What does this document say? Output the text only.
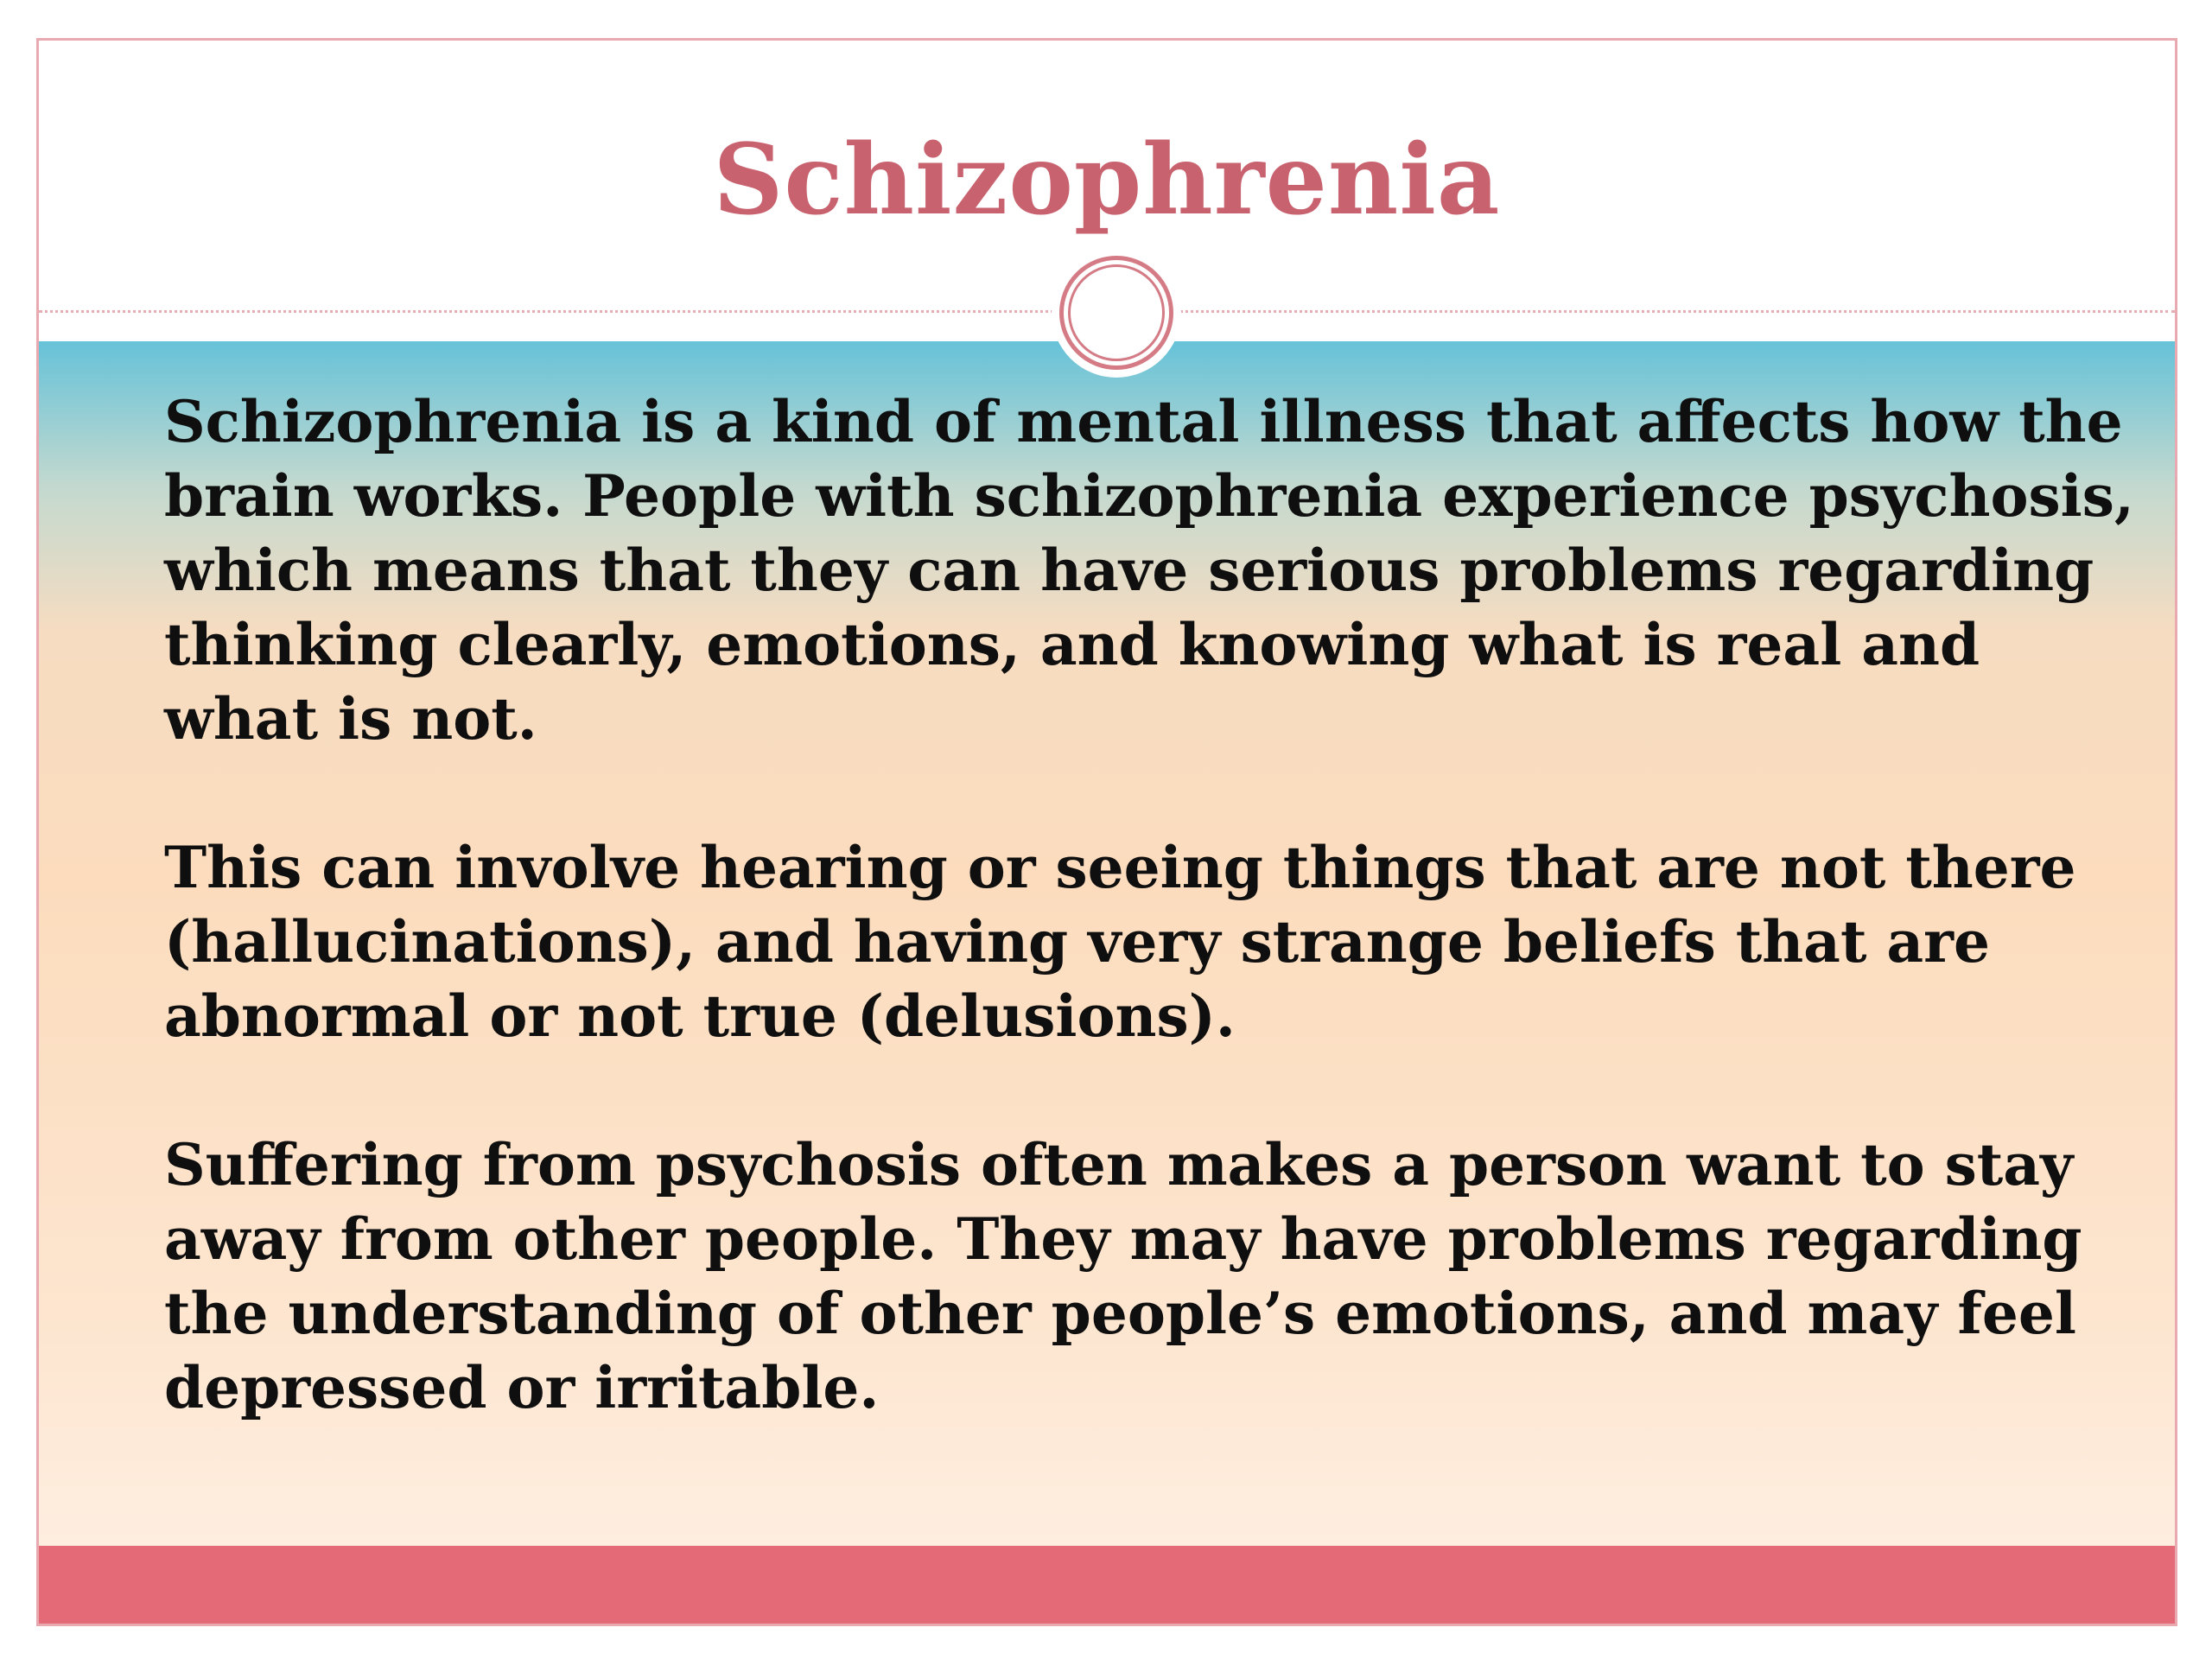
Schizophrenia

Schizophrenia is a kind of mental illness that affects how the brain works. People with schizophrenia experience psychosis, which means that they can have serious problems regarding thinking clearly, emotions, and knowing what is real and what is not.

This can involve hearing or seeing things that are not there (hallucinations), and having very strange beliefs that are abnormal or not true (delusions).

Suffering from psychosis often makes a person want to stay away from other people. They may have problems regarding the understanding of other people’s emotions, and may feel depressed or irritable.
